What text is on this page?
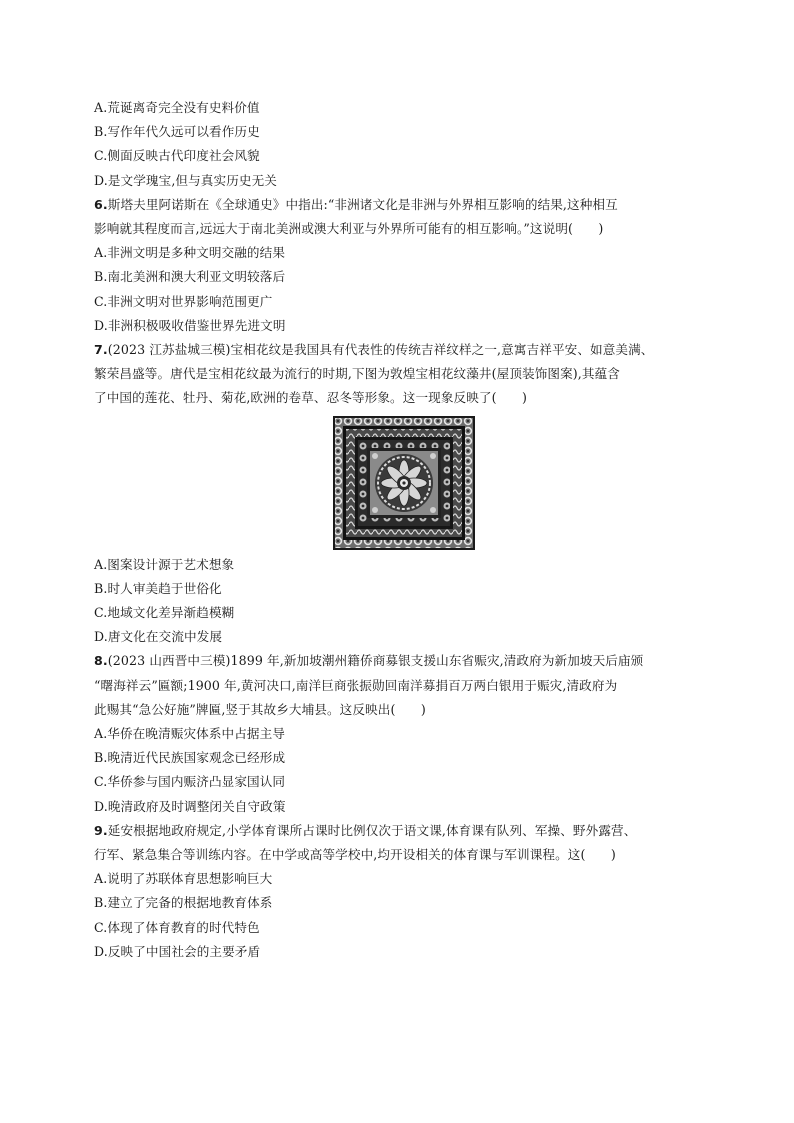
A.荒诞离奇完全没有史料价值
B.写作年代久远可以看作历史
C.侧面反映古代印度社会风貌
D.是文学瑰宝,但与真实历史无关
6.斯塔夫里阿诺斯在《全球通史》中指出:“非洲诸文化是非洲与外界相互影响的结果,这种相互
影响就其程度而言,远远大于南北美洲或澳大利亚与外界所可能有的相互影响。”这说明(　　)
A.非洲文明是多种文明交融的结果
B.南北美洲和澳大利亚文明较落后
C.非洲文明对世界影响范围更广
D.非洲积极吸收借鉴世界先进文明
7.(2023 江苏盐城三模)宝相花纹是我国具有代表性的传统吉祥纹样之一,意寓吉祥平安、如意美满、
繁荣昌盛等。唐代是宝相花纹最为流行的时期,下图为敦煌宝相花纹藻井(屋顶装饰图案),其蕴含
了中国的莲花、牡丹、菊花,欧洲的卷草、忍冬等形象。这一现象反映了(　　)
A.图案设计源于艺术想象
B.时人审美趋于世俗化
C.地域文化差异渐趋模糊
D.唐文化在交流中发展
8.(2023 山西晋中三模)1899 年,新加坡潮州籍侨商募银支援山东省赈灾,清政府为新加坡天后庙颁
“曙海祥云”匾额;1900 年,黄河决口,南洋巨商张振勋回南洋募捐百万两白银用于赈灾,清政府为
此赐其“急公好施”牌匾,竖于其故乡大埔县。这反映出(　　)
A.华侨在晚清赈灾体系中占据主导
B.晚清近代民族国家观念已经形成
C.华侨参与国内赈济凸显家国认同
D.晚清政府及时调整闭关自守政策
9.延安根据地政府规定,小学体育课所占课时比例仅次于语文课,体育课有队列、军操、野外露营、
行军、紧急集合等训练内容。在中学或高等学校中,均开设相关的体育课与军训课程。这(　　)
A.说明了苏联体育思想影响巨大
B.建立了完备的根据地教育体系
C.体现了体育教育的时代特色
D.反映了中国社会的主要矛盾
